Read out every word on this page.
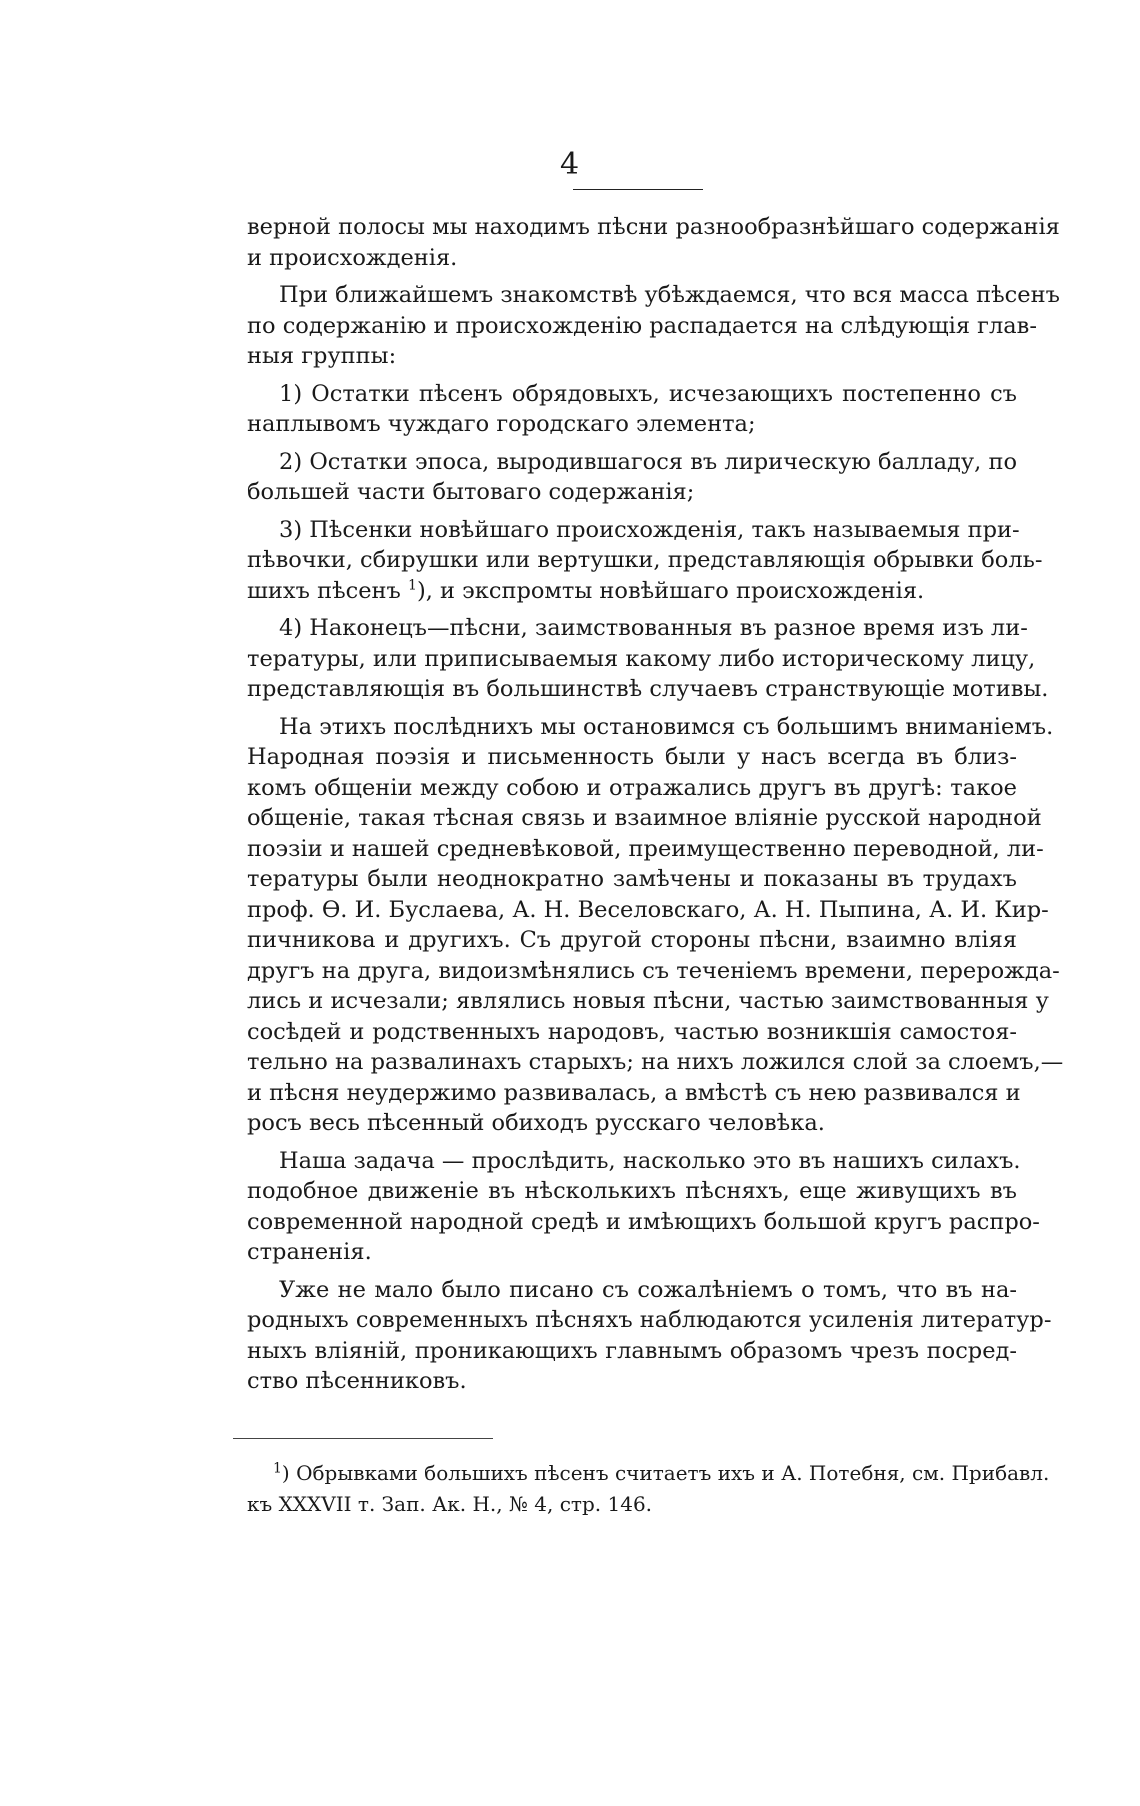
4
верной полосы мы находимъ пѣсни разнообразнѣйшаго содержанія
и происхожденія.
При ближайшемъ знакомствѣ убѣждаемся, что вся масса пѣсенъ
по содержанію и происхожденію распадается на слѣдующія глав-
ныя группы:
1) Остатки пѣсенъ обрядовыхъ, исчезающихъ постепенно съ
наплывомъ чуждаго городскаго элемента;
2) Остатки эпоса, выродившагося въ лирическую балладу, по
большей части бытоваго содержанія;
3) Пѣсенки новѣйшаго происхожденія, такъ называемыя при-
пѣвочки, сбирушки или вертушки, представляющія обрывки боль-
шихъ пѣсенъ $^1$), и экспромты новѣйшаго происхожденія.
4) Наконецъ—пѣсни, заимствованныя въ разное время изъ ли-
тературы, или приписываемыя какому либо историческому лицу,
представляющія въ большинствѣ случаевъ странствующіе мотивы.
На этихъ послѣднихъ мы остановимся съ большимъ вниманіемъ.
Народная поэзія и письменность были у насъ всегда въ близ-
комъ общеніи между собою и отражались другъ въ другѣ: такое
общеніе, такая тѣсная связь и взаимное вліяніе русской народной
поэзіи и нашей средневѣковой, преимущественно переводной, ли-
тературы были неоднократно замѣчены и показаны въ трудахъ
проф. Ѳ. И. Буслаева, А. Н. Веселовскаго, А. Н. Пыпина, А. И. Кир-
пичникова и другихъ. Съ другой стороны пѣсни, взаимно вліяя
другъ на друга, видоизмѣнялись съ теченіемъ времени, перерожда-
лись и исчезали; являлись новыя пѣсни, частью заимствованныя у
сосѣдей и родственныхъ народовъ, частью возникшія самостоя-
тельно на развалинахъ старыхъ; на нихъ ложился слой за слоемъ,—
и пѣсня неудержимо развивалась, а вмѣстѣ съ нею развивался и
росъ весь пѣсенный обиходъ русскаго человѣка.
Наша задача — прослѣдить, насколько это въ нашихъ силахъ.
подобное движеніе въ нѣсколькихъ пѣсняхъ, еще живущихъ въ
современной народной средѣ и имѣющихъ большой кругъ распро-
страненія.
Уже не мало было писано съ сожалѣніемъ о томъ, что въ на-
родныхъ современныхъ пѣсняхъ наблюдаются усиленія литератур-
ныхъ вліяній, проникающихъ главнымъ образомъ чрезъ посред-
ство пѣсенниковъ.
$^1$) Обрывками большихъ пѣсенъ считаетъ ихъ и А. Потебня, см. Прибавл.
къ XXXVII т. Зап. Ак. Н., № 4, стр. 146.
